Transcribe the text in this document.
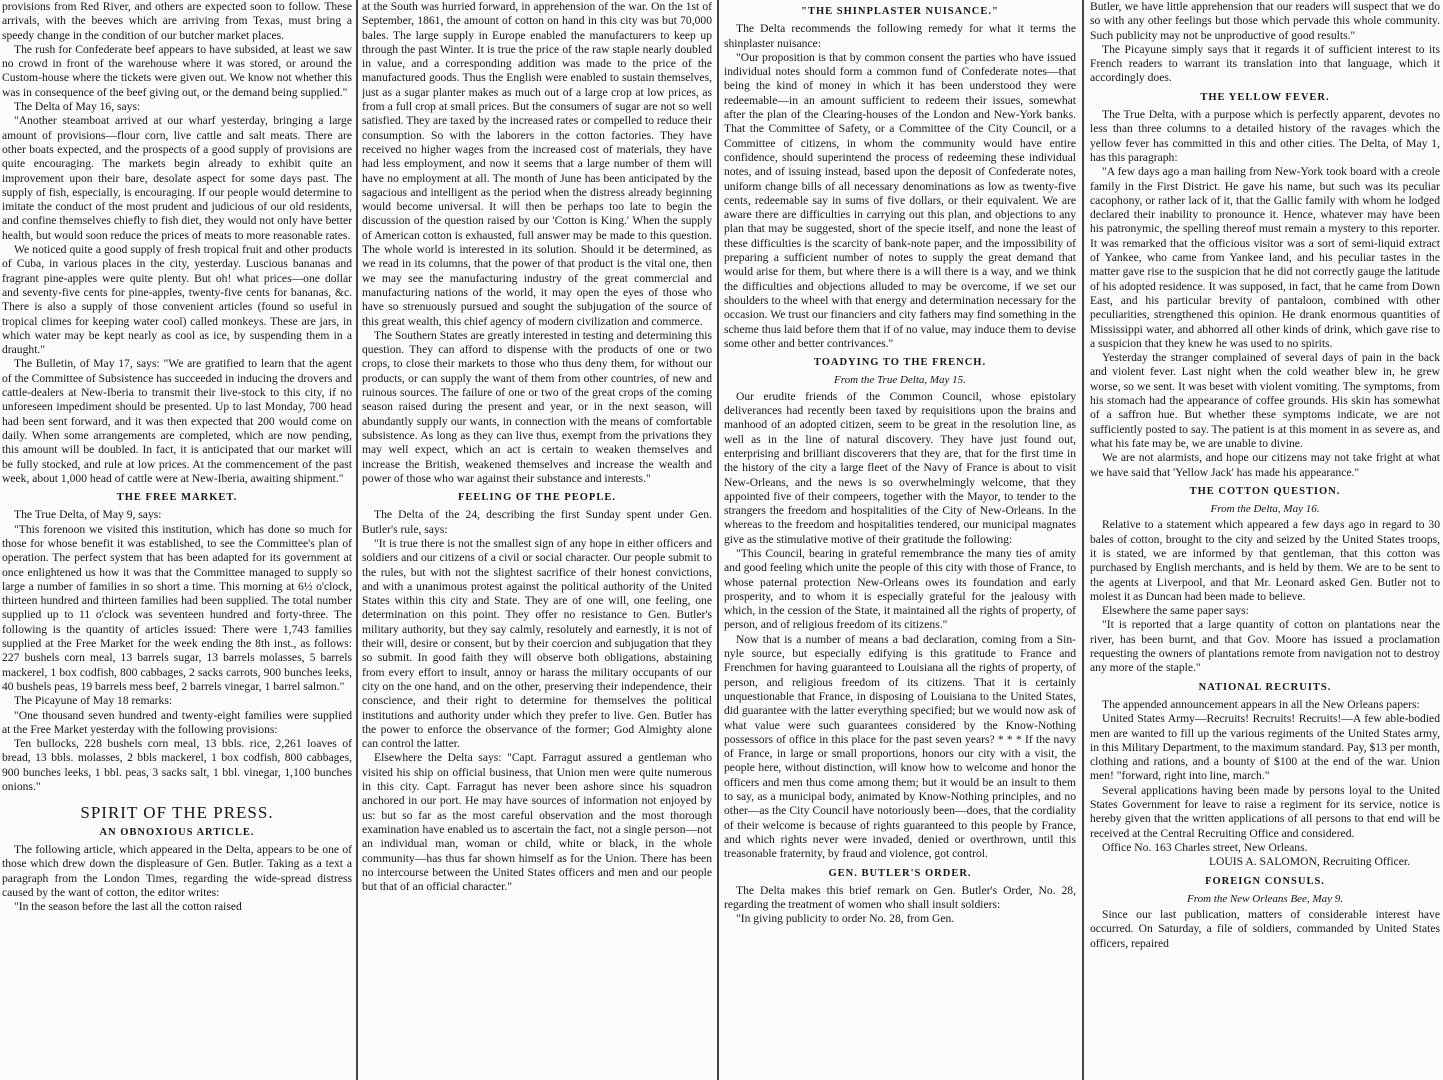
provisions from Red River, and others are expected soon to follow. These arrivals, with the beeves which are arriving from Texas, must bring a speedy change in the condition of our butcher market places.

The rush for Confederate beef appears to have subsided, at least we saw no crowd in front of the warehouse where it was stored, or around the Custom-house where the tickets were given out. We know not whether this was in consequence of the beef giving out, or the demand being supplied."

The Delta of May 16, says:

"Another steamboat arrived at our wharf yesterday, bringing a large amount of provisions—flour corn, live cattle and salt meats. There are other boats expected, and the prospects of a good supply of provisions are quite encouraging. The markets begin already to exhibit quite an improvement upon their bare, desolate aspect for some days past. The supply of fish, especially, is encouraging. If our people would determine to imitate the conduct of the most prudent and judicious of our old residents, and confine themselves chiefly to fish diet, they would not only have better health, but would soon reduce the prices of meats to more reasonable rates.

We noticed quite a good supply of fresh tropical fruit and other products of Cuba, in various places in the city, yesterday. Luscious bananas and fragrant pine-apples were quite plenty. But oh! what prices—one dollar and seventy-five cents for pine-apples, twenty-five cents for bananas, &c. There is also a supply of those convenient articles (found so useful in tropical climes for keeping water cool) called monkeys. These are jars, in which water may be kept nearly as cool as ice, by suspending them in a draught."

The Bulletin, of May 17, says: "We are gratified to learn that the agent of the Committee of Subsistence has succeeded in inducing the drovers and cattle-dealers at New-Iberia to transmit their live-stock to this city, if no unforeseen impediment should be presented. Up to last Monday, 700 head had been sent forward, and it was then expected that 200 would come on daily. When some arrangements are completed, which are now pending, this amount will be doubled. In fact, it is anticipated that our market will be fully stocked, and rule at low prices. At the commencement of the past week, about 1,000 head of cattle were at New-Iberia, awaiting shipment."

THE FREE MARKET.

The True Delta, of May 9, says:

"This forenoon we visited this institution, which has done so much for those for whose benefit it was established, to see the Committee's plan of operation. The perfect system that has been adapted for its government at once enlightened us how it was that the Committee managed to supply so large a number of families in so short a time. This morning at 6½ o'clock, thirteen hundred and thirteen families had been supplied. The total number supplied up to 11 o'clock was seventeen hundred and forty-three. The following is the quantity of articles issued: There were 1,743 families supplied at the Free Market for the week ending the 8th inst., as follows: 227 bushels corn meal, 13 barrels sugar, 13 barrels molasses, 5 barrels mackerel, 1 box codfish, 800 cabbages, 2 sacks carrots, 900 bunches leeks, 40 bushels peas, 19 barrels mess beef, 2 barrels vinegar, 1 barrel salmon."

The Picayune of May 18 remarks:

"One thousand seven hundred and twenty-eight families were supplied at the Free Market yesterday with the following provisions:

Ten bullocks, 228 bushels corn meal, 13 bbls. rice, 2,261 loaves of bread, 13 bbls. molasses, 2 bbls mackerel, 1 box codfish, 800 cabbages, 900 bunches leeks, 1 bbl. peas, 3 sacks salt, 1 bbl. vinegar, 1,100 bunches onions."

SPIRIT OF THE PRESS.
AN OBNOXIOUS ARTICLE.

The following article, which appeared in the Delta, appears to be one of those which drew down the displeasure of Gen. Butler. Taking as a text a paragraph from the London Times, regarding the wide-spread distress caused by the want of cotton, the editor writes:

"In the season before the last all the cotton raised

at the South was hurried forward, in apprehension of the war. On the 1st of September, 1861, the amount of cotton on hand in this city was but 70,000 bales. The large supply in Europe enabled the manufacturers to keep up through the past Winter. It is true the price of the raw staple nearly doubled in value, and a corresponding addition was made to the price of the manufactured goods. Thus the English were enabled to sustain themselves, just as a sugar planter makes as much out of a large crop at low prices, as from a full crop at small prices. But the consumers of sugar are not so well satisfied. They are taxed by the increased rates or compelled to reduce their consumption. So with the laborers in the cotton factories. They have received no higher wages from the increased cost of materials, they have had less employment, and now it seems that a large number of them will have no employment at all. The month of June has been anticipated by the sagacious and intelligent as the period when the distress already beginning would become universal. It will then be perhaps too late to begin the discussion of the question raised by our 'Cotton is King.' When the supply of American cotton is exhausted, full answer may be made to this question. The whole world is interested in its solution. Should it be determined, as we read in its columns, that the power of that product is the vital one, then we may see the manufacturing industry of the great commercial and manufacturing nations of the world, it may open the eyes of those who have so strenuously pursued and sought the subjugation of the source of this great wealth, this chief agency of modern civilization and commerce.

The Southern States are greatly interested in testing and determining this question. They can afford to dispense with the products of one or two crops, to close their markets to those who thus deny them, for without our products, or can supply the want of them from other countries, of new and ruinous sources. The failure of one or two of the great crops of the coming season raised during the present and year, or in the next season, will abundantly supply our wants, in connection with the means of comfortable subsistence. As long as they can live thus, exempt from the privations they may well expect, which an act is certain to weaken themselves and increase the British, weakened themselves and increase the wealth and power of those who war against their substance and interests."

FEELING OF THE PEOPLE.

The Delta of the 24, describing the first Sunday spent under Gen. Butler's rule, says:

"It is true there is not the smallest sign of any hope in either officers and soldiers and our citizens of a civil or social character. Our people submit to the rules, but with not the slightest sacrifice of their honest convictions, and with a unanimous protest against the political authority of the United States within this city and State. They are of one will, one feeling, one determination on this point. They offer no resistance to Gen. Butler's military authority, but they say calmly, resolutely and earnestly, it is not of their will, desire or consent, but by their coercion and subjugation that they so submit. In good faith they will observe both obligations, abstaining from every effort to insult, annoy or harass the military occupants of our city on the one hand, and on the other, preserving their independence, their conscience, and their right to determine for themselves the political institutions and authority under which they prefer to live. Gen. Butler has the power to enforce the observance of the former; God Almighty alone can control the latter.

Elsewhere the Delta says: "Capt. Farragut assured a gentleman who visited his ship on official business, that Union men were quite numerous in this city. Capt. Farragut has never been ashore since his squadron anchored in our port. He may have sources of information not enjoyed by us: but so far as the most careful observation and the most thorough examination have enabled us to ascertain the fact, not a single person—not an individual man, woman or child, white or black, in the whole community—has thus far shown himself as for the Union. There has been no intercourse between the United States officers and men and our people but that of an official character."

"THE SHINPLASTER NUISANCE."

The Delta recommends the following remedy for what it terms the shinplaster nuisance:

"Our proposition is that by common consent the parties who have issued individual notes should form a common fund of Confederate notes—that being the kind of money in which it has been understood they were redeemable—in an amount sufficient to redeem their issues, somewhat after the plan of the Clearing-houses of the London and New-York banks. That the Committee of Safety, or a Committee of the City Council, or a Committee of citizens, in whom the community would have entire confidence, should superintend the process of redeeming these individual notes, and of issuing instead, based upon the deposit of Confederate notes, uniform change bills of all necessary denominations as low as twenty-five cents, redeemable say in sums of five dollars, or their equivalent. We are aware there are difficulties in carrying out this plan, and objections to any plan that may be suggested, short of the specie itself, and none the least of these difficulties is the scarcity of bank-note paper, and the impossibility of preparing a sufficient number of notes to supply the great demand that would arise for them, but where there is a will there is a way, and we think the difficulties and objections alluded to may be overcome, if we set our shoulders to the wheel with that energy and determination necessary for the occasion. We trust our financiers and city fathers may find something in the scheme thus laid before them that if of no value, may induce them to devise some other and better contrivances."

TOADYING TO THE FRENCH.
From the True Delta, May 15.

Our erudite friends of the Common Council, whose epistolary deliverances had recently been taxed by requisitions upon the brains and manhood of an adopted citizen, seem to be great in the resolution line, as well as in the line of natural discovery. They have just found out, enterprising and brilliant discoverers that they are, that for the first time in the history of the city a large fleet of the Navy of France is about to visit New-Orleans, and the news is so overwhelmingly welcome, that they appointed five of their compeers, together with the Mayor, to tender to the strangers the freedom and hospitalities of the City of New-Orleans. In the whereas to the freedom and hospitalities tendered, our municipal magnates give as the stimulative motive of their gratitude the following:

"This Council, bearing in grateful remembrance the many ties of amity and good feeling which unite the people of this city with those of France, to whose paternal protection New-Orleans owes its foundation and early prosperity, and to whom it is especially grateful for the jealousy with which, in the cession of the State, it maintained all the rights of property, of person, and of religious freedom of its citizens."

Now that is a number of means a bad declaration, coming from a Sin-nyle source, but especially edifying is this gratitude to France and Frenchmen for having guaranteed to Louisiana all the rights of property, of person, and religious freedom of its citizens. That it is certainly unquestionable that France, in disposing of Louisiana to the United States, did guarantee with the latter everything specified; but we would now ask of what value were such guarantees considered by the Know-Nothing possessors of office in this place for the past seven years? * * * If the navy of France, in large or small proportions, honors our city with a visit, the people here, without distinction, will know how to welcome and honor the officers and men thus come among them; but it would be an insult to them to say, as a municipal body, animated by Know-Nothing principles, and no other—as the City Council have notoriously been—does, that the cordiality of their welcome is because of rights guaranteed to this people by France, and which rights never were invaded, denied or overthrown, until this treasonable fraternity, by fraud and violence, got control.

GEN. BUTLER'S ORDER.

The Delta makes this brief remark on Gen. Butler's Order, No. 28, regarding the treatment of women who shall insult soldiers:

"In giving publicity to order No. 28, from Gen.

Butler, we have little apprehension that our readers will suspect that we do so with any other feelings but those which pervade this whole community. Such publicity may not be unproductive of good results."

The Picayune simply says that it regards it of sufficient interest to its French readers to warrant its translation into that language, which it accordingly does.

THE YELLOW FEVER.

The True Delta, with a purpose which is perfectly apparent, devotes no less than three columns to a detailed history of the ravages which the yellow fever has committed in this and other cities. The Delta, of May 1, has this paragraph:

"A few days ago a man hailing from New-York took board with a creole family in the First District. He gave his name, but such was its peculiar cacophony, or rather lack of it, that the Gallic family with whom he lodged declared their inability to pronounce it. Hence, whatever may have been his patronymic, the spelling thereof must remain a mystery to this reporter. It was remarked that the officious visitor was a sort of semi-liquid extract of Yankee, who came from Yankee land, and his peculiar tastes in the matter gave rise to the suspicion that he did not correctly gauge the latitude of his adopted residence. It was supposed, in fact, that he came from Down East, and his particular brevity of pantaloon, combined with other peculiarities, strengthened this opinion. He drank enormous quantities of Mississippi water, and abhorred all other kinds of drink, which gave rise to a suspicion that they knew he was used to no spirits.

Yesterday the stranger complained of several days of pain in the back and violent fever. Last night when the cold weather blew in, he grew worse, so we sent. It was beset with violent vomiting. The symptoms, from his stomach had the appearance of coffee grounds. His skin has somewhat of a saffron hue. But whether these symptoms indicate, we are not sufficiently posted to say. The patient is at this moment in as severe as, and what his fate may be, we are unable to divine.

We are not alarmists, and hope our citizens may not take fright at what we have said that 'Yellow Jack' has made his appearance."

THE COTTON QUESTION.
From the Delta, May 16.

Relative to a statement which appeared a few days ago in regard to 30 bales of cotton, brought to the city and seized by the United States troops, it is stated, we are informed by that gentleman, that this cotton was purchased by English merchants, and is held by them. We are to be sent to the agents at Liverpool, and that Mr. Leonard asked Gen. Butler not to molest it as Duncan had been made to believe.

Elsewhere the same paper says:

"It is reported that a large quantity of cotton on plantations near the river, has been burnt, and that Gov. Moore has issued a proclamation requesting the owners of plantations remote from navigation not to destroy any more of the staple."

NATIONAL RECRUITS.

The appended announcement appears in all the New Orleans papers:

United States Army—Recruits! Recruits! Recruits!—A few able-bodied men are wanted to fill up the various regiments of the United States army, in this Military Department, to the maximum standard. Pay, $13 per month, clothing and rations, and a bounty of $100 at the end of the war. Union men! "forward, right into line, march."

Several applications having been made by persons loyal to the United States Government for leave to raise a regiment for its service, notice is hereby given that the written applications of all persons to that end will be received at the Central Recruiting Office and considered.

Office No. 163 Charles street, New Orleans.

LOUIS A. SALOMON, Recruiting Officer.

FOREIGN CONSULS.
From the New Orleans Bee, May 9.

Since our last publication, matters of considerable interest have occurred. On Saturday, a file of soldiers, commanded by United States officers, repaired
